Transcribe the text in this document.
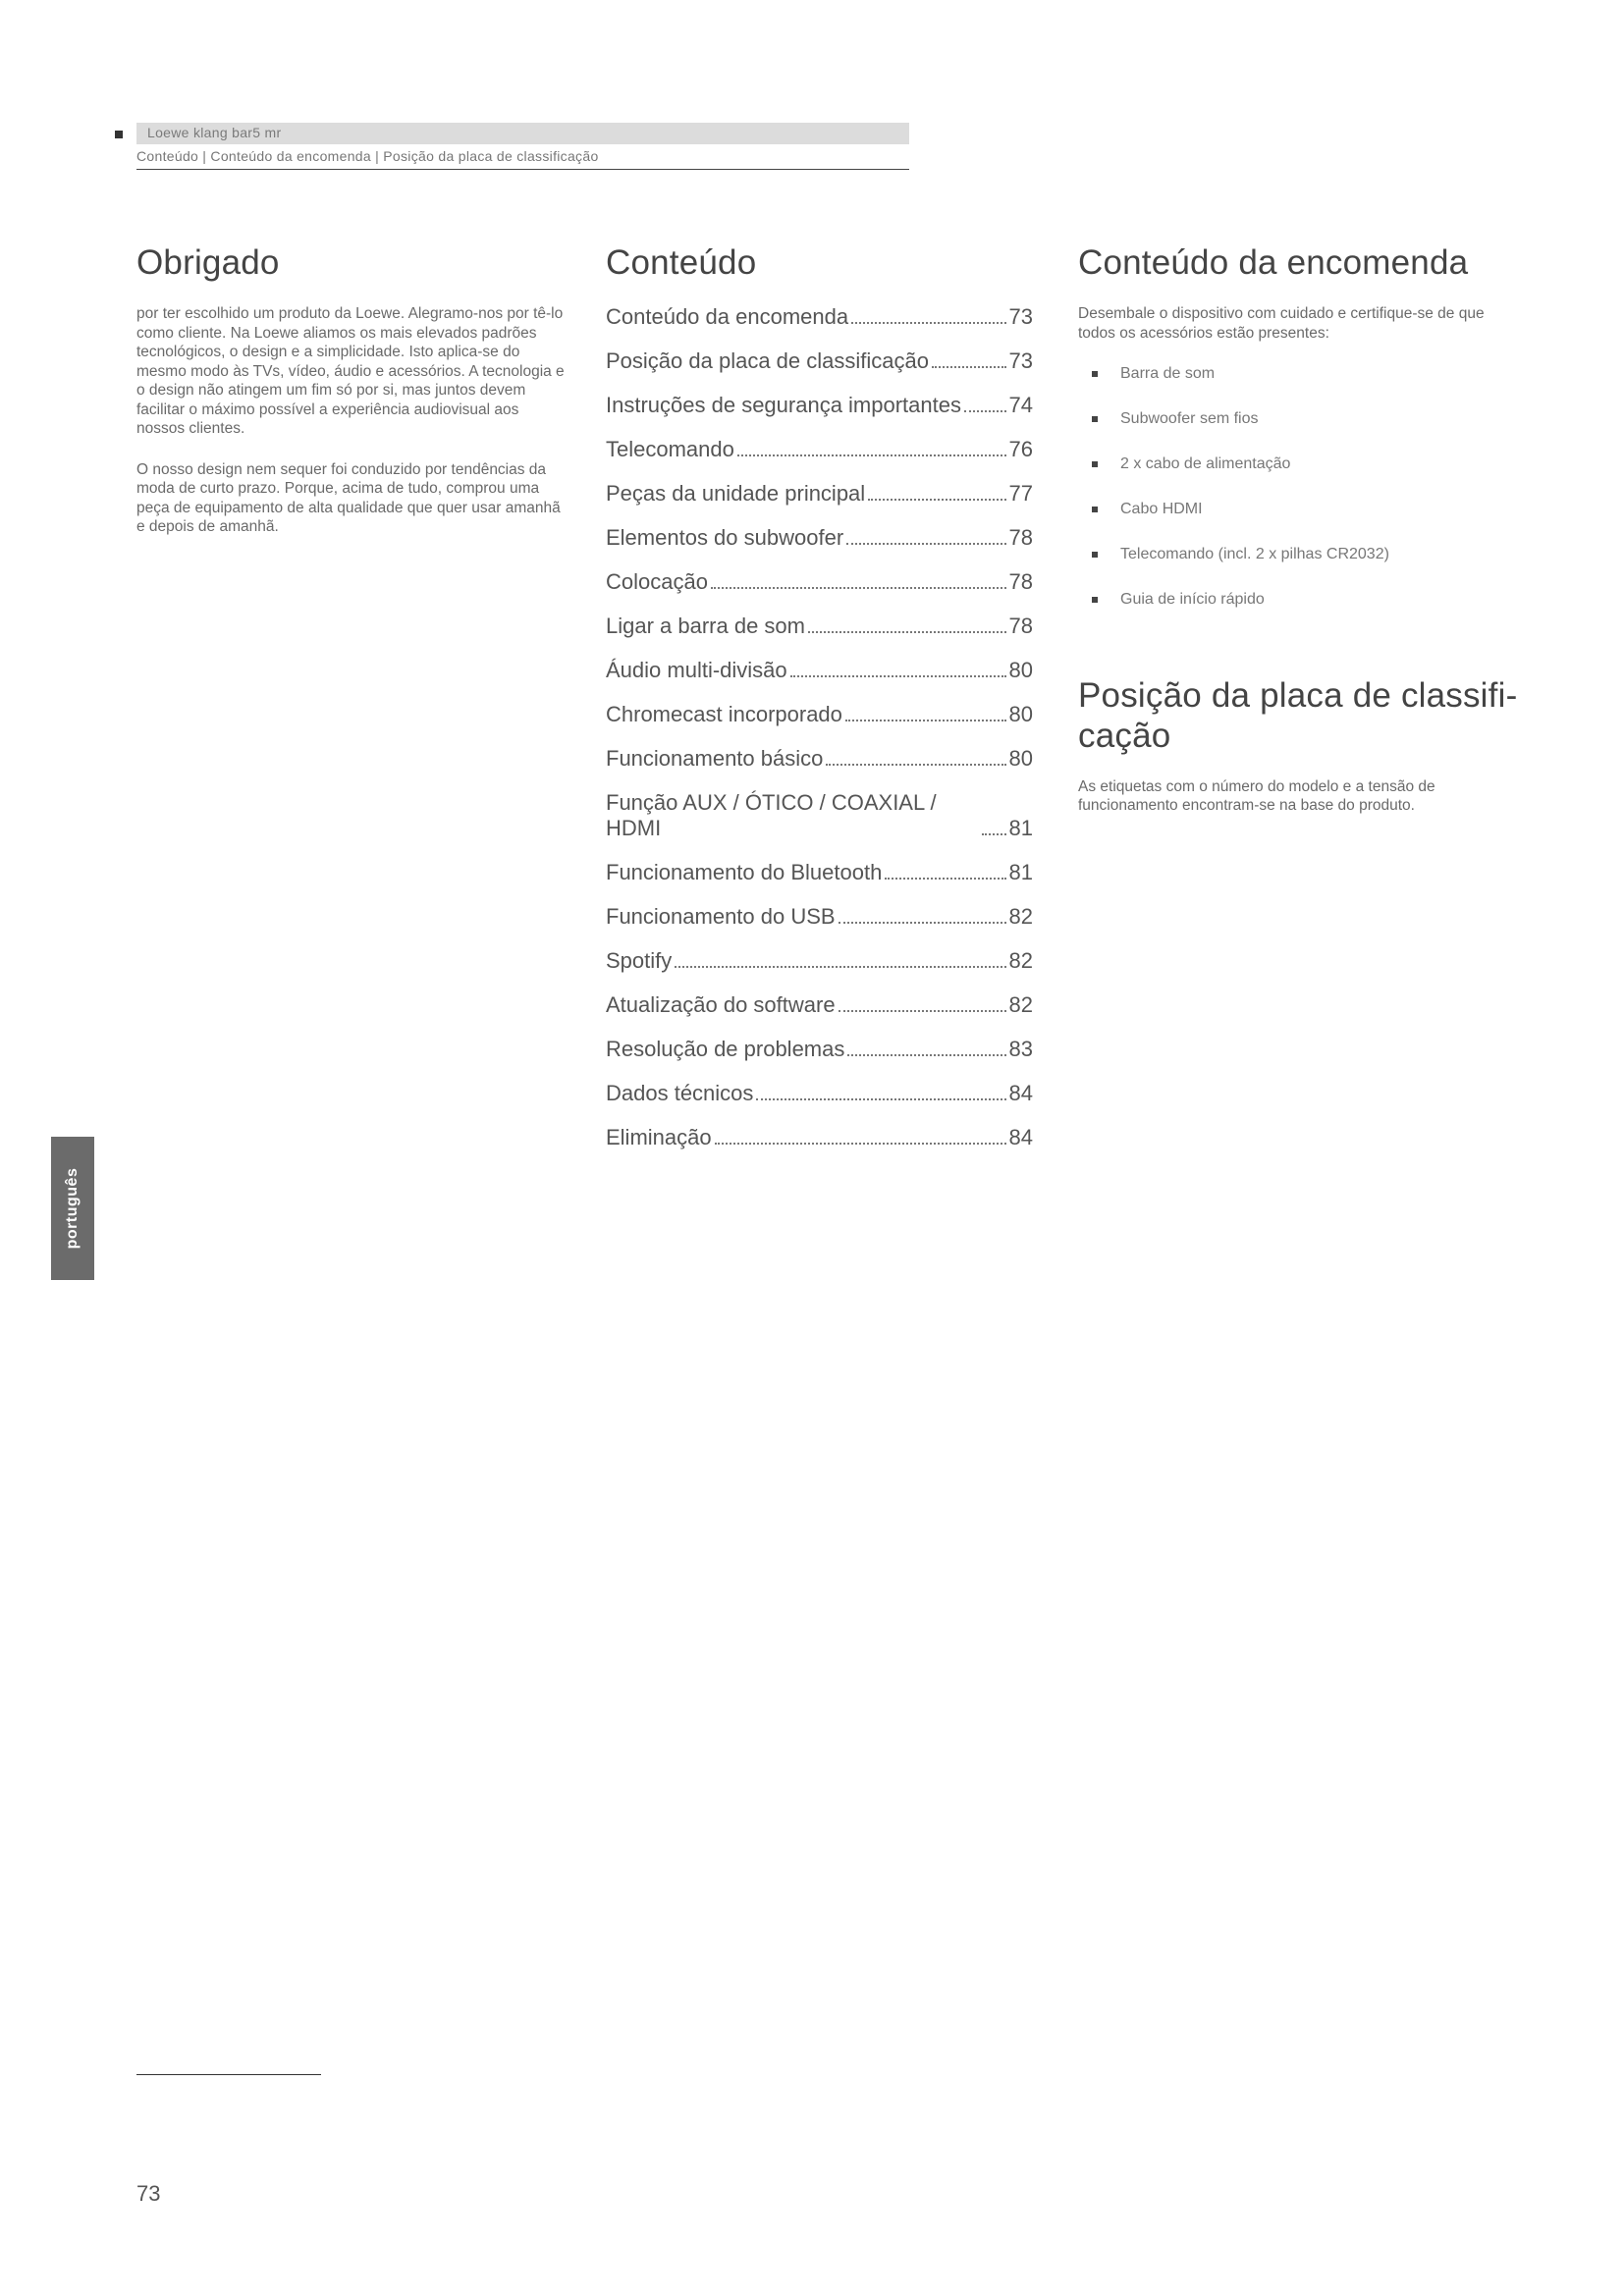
Loewe klang bar5 mr
Conteúdo | Conteúdo da encomenda | Posição da placa de classificação
Obrigado

por ter escolhido um produto da Loewe. Alegramo-nos por tê-lo como cliente. Na Loewe aliamos os mais elevados padrões tecnológicos, o design e a simplicidade. Isto aplica-se do mesmo modo às TVs, vídeo, áudio e acessórios. A tecnologia e o design não atingem um fim só por si, mas juntos devem facilitar o máximo possível a experiência audiovisual aos nossos clientes.

O nosso design nem sequer foi conduzido por tendências da moda de curto prazo. Porque, acima de tudo, comprou uma peça de equipamento de alta qualidade que quer usar amanhã e depois de amanhã.

Conteúdo
Conteúdo da encomenda	73
Posição da placa de classificação	73
Instruções de segurança importantes 74
Telecomando	76
Peças da unidade principal	77
Elementos do subwoofer	78
Colocação	78
Ligar a barra de som	78
Áudio multi-divisão	80
Chromecast incorporado	80
Funcionamento básico	80
Função AUX / ÓTICO / COAXIAL / HDMI	81
Funcionamento do Bluetooth	81
Funcionamento do USB	82
Spotify	82
Atualização do software	82
Resolução de problemas	83
Dados técnicos	84
Eliminação	84
Conteúdo da encomenda

Desembale o dispositivo com cuidado e certifique-se de que todos os acessórios estão presentes:

Barra de som
Subwoofer sem fios
2 x cabo de alimentação
Cabo HDMI
Telecomando (incl. 2 x pilhas CR2032)
Guia de início rápido
Posição da placa de classifi- cação

As etiquetas com o número do modelo e a tensão de funcionamento encontram-se na base do produto.

português
73
